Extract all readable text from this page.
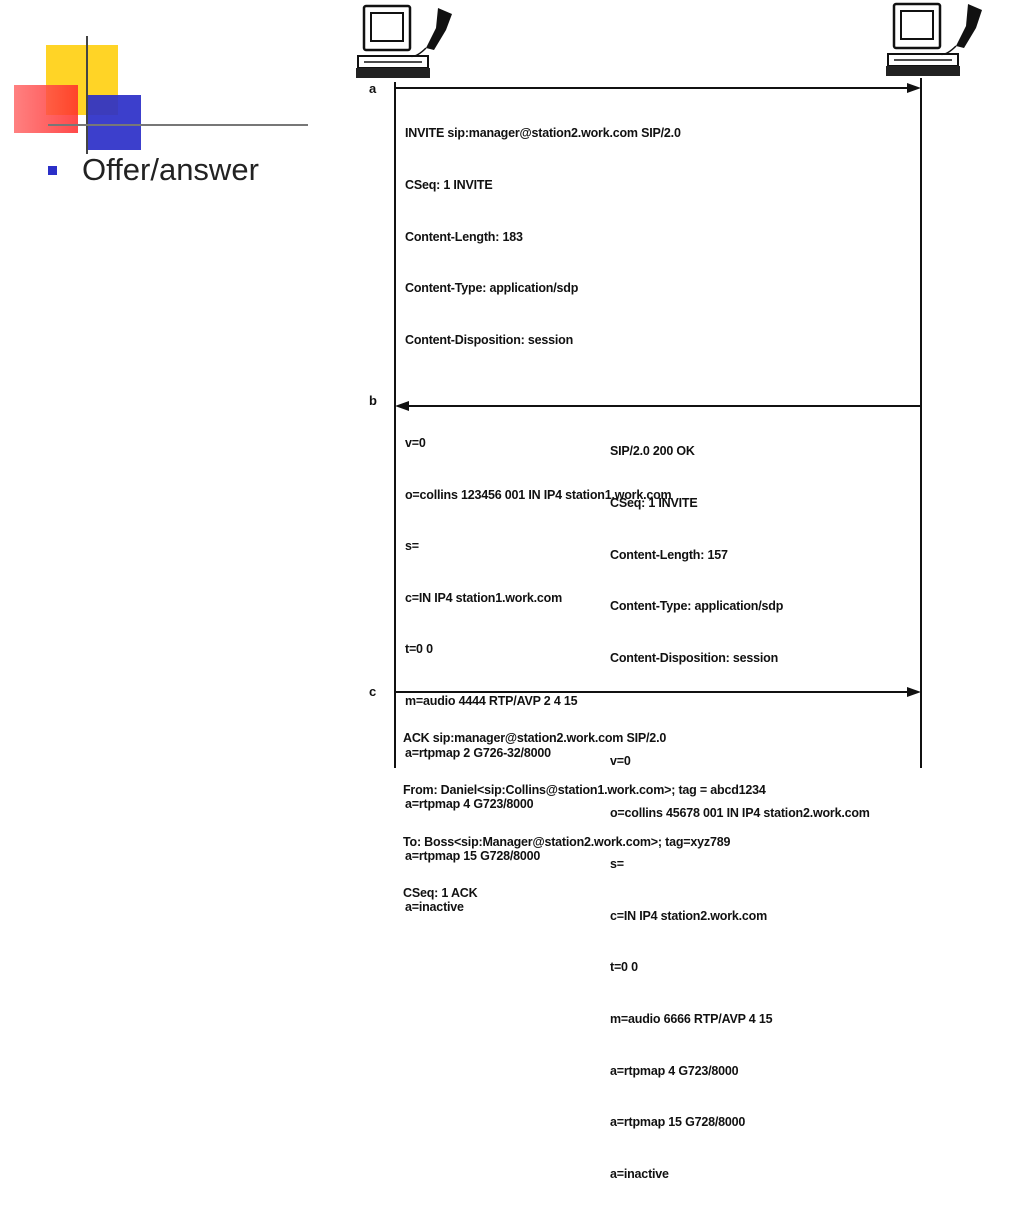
Offer/answer
a
b
c

INVITE sip:manager@station2.work.com SIP/2.0

CSeq: 1 INVITE

Content-Length: 183

Content-Type: application/sdp

Content-Disposition: session

v=0

o=collins 123456 001 IN IP4 station1.work.com

s=

c=IN IP4 station1.work.com

t=0 0

m=audio 4444 RTP/AVP 2 4 15

a=rtpmap 2 G726-32/8000

a=rtpmap 4 G723/8000

a=rtpmap 15 G728/8000

a=inactive

SIP/2.0 200 OK

CSeq: 1 INVITE

Content-Length: 157

Content-Type: application/sdp

Content-Disposition: session

v=0

o=collins 45678 001 IN IP4 station2.work.com

s=

c=IN IP4 station2.work.com

t=0 0

m=audio 6666 RTP/AVP 4 15

a=rtpmap 4 G723/8000

a=rtpmap 15 G728/8000

a=inactive

ACK sip:manager@station2.work.com SIP/2.0

From: Daniel<sip:Collins@station1.work.com>; tag = abcd1234

To: Boss<sip:Manager@station2.work.com>; tag=xyz789

CSeq: 1 ACK
